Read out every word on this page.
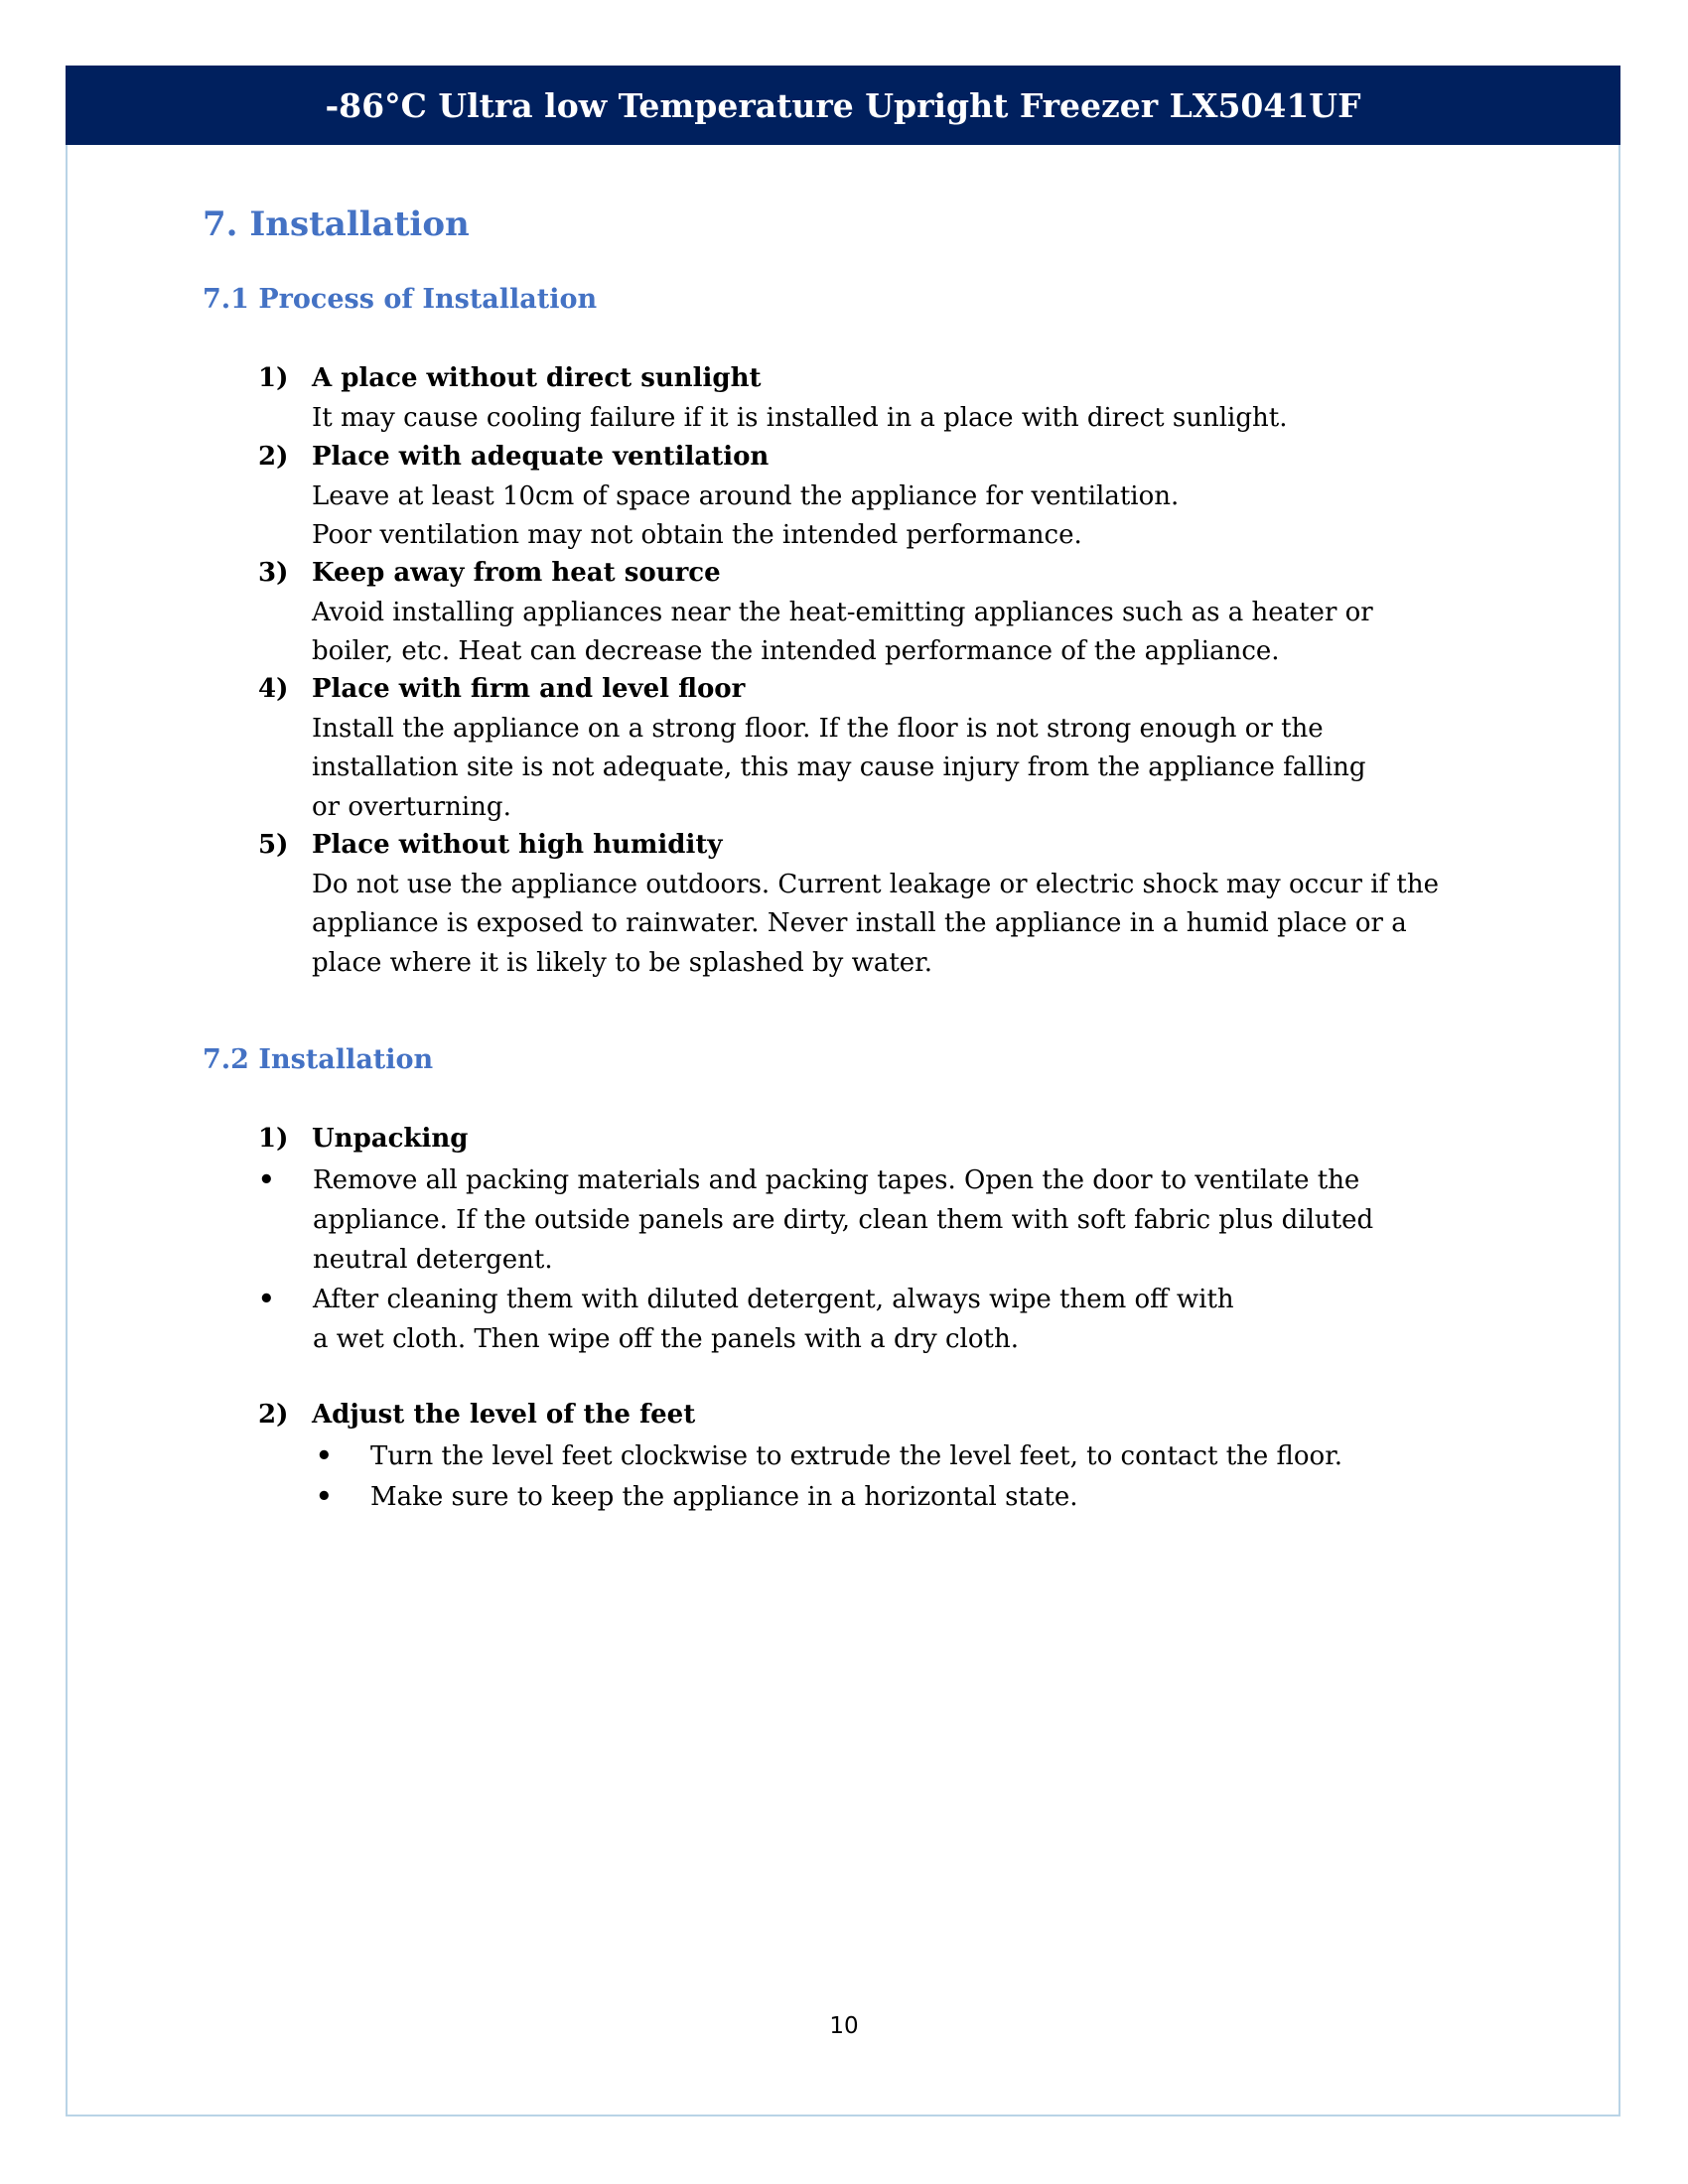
-86°C Ultra low Temperature Upright Freezer LX5041UF
7. Installation
7.1 Process of Installation
1) A place without direct sunlight
It may cause cooling failure if it is installed in a place with direct sunlight.
2) Place with adequate ventilation
Leave at least 10cm of space around the appliance for ventilation.
Poor ventilation may not obtain the intended performance.
3) Keep away from heat source
Avoid installing appliances near the heat-emitting appliances such as a heater or
boiler, etc. Heat can decrease the intended performance of the appliance.
4) Place with firm and level floor
Install the appliance on a strong floor. If the floor is not strong enough or the
installation site is not adequate, this may cause injury from the appliance falling
or overturning.
5) Place without high humidity
Do not use the appliance outdoors. Current leakage or electric shock may occur if the
appliance is exposed to rainwater. Never install the appliance in a humid place or a
place where it is likely to be splashed by water.
7.2 Installation
1) Unpacking
• Remove all packing materials and packing tapes. Open the door to ventilate the
appliance. If the outside panels are dirty, clean them with soft fabric plus diluted
neutral detergent.
• After cleaning them with diluted detergent, always wipe them off with
a wet cloth. Then wipe off the panels with a dry cloth.
2) Adjust the level of the feet
• Turn the level feet clockwise to extrude the level feet, to contact the floor.
• Make sure to keep the appliance in a horizontal state.
10
